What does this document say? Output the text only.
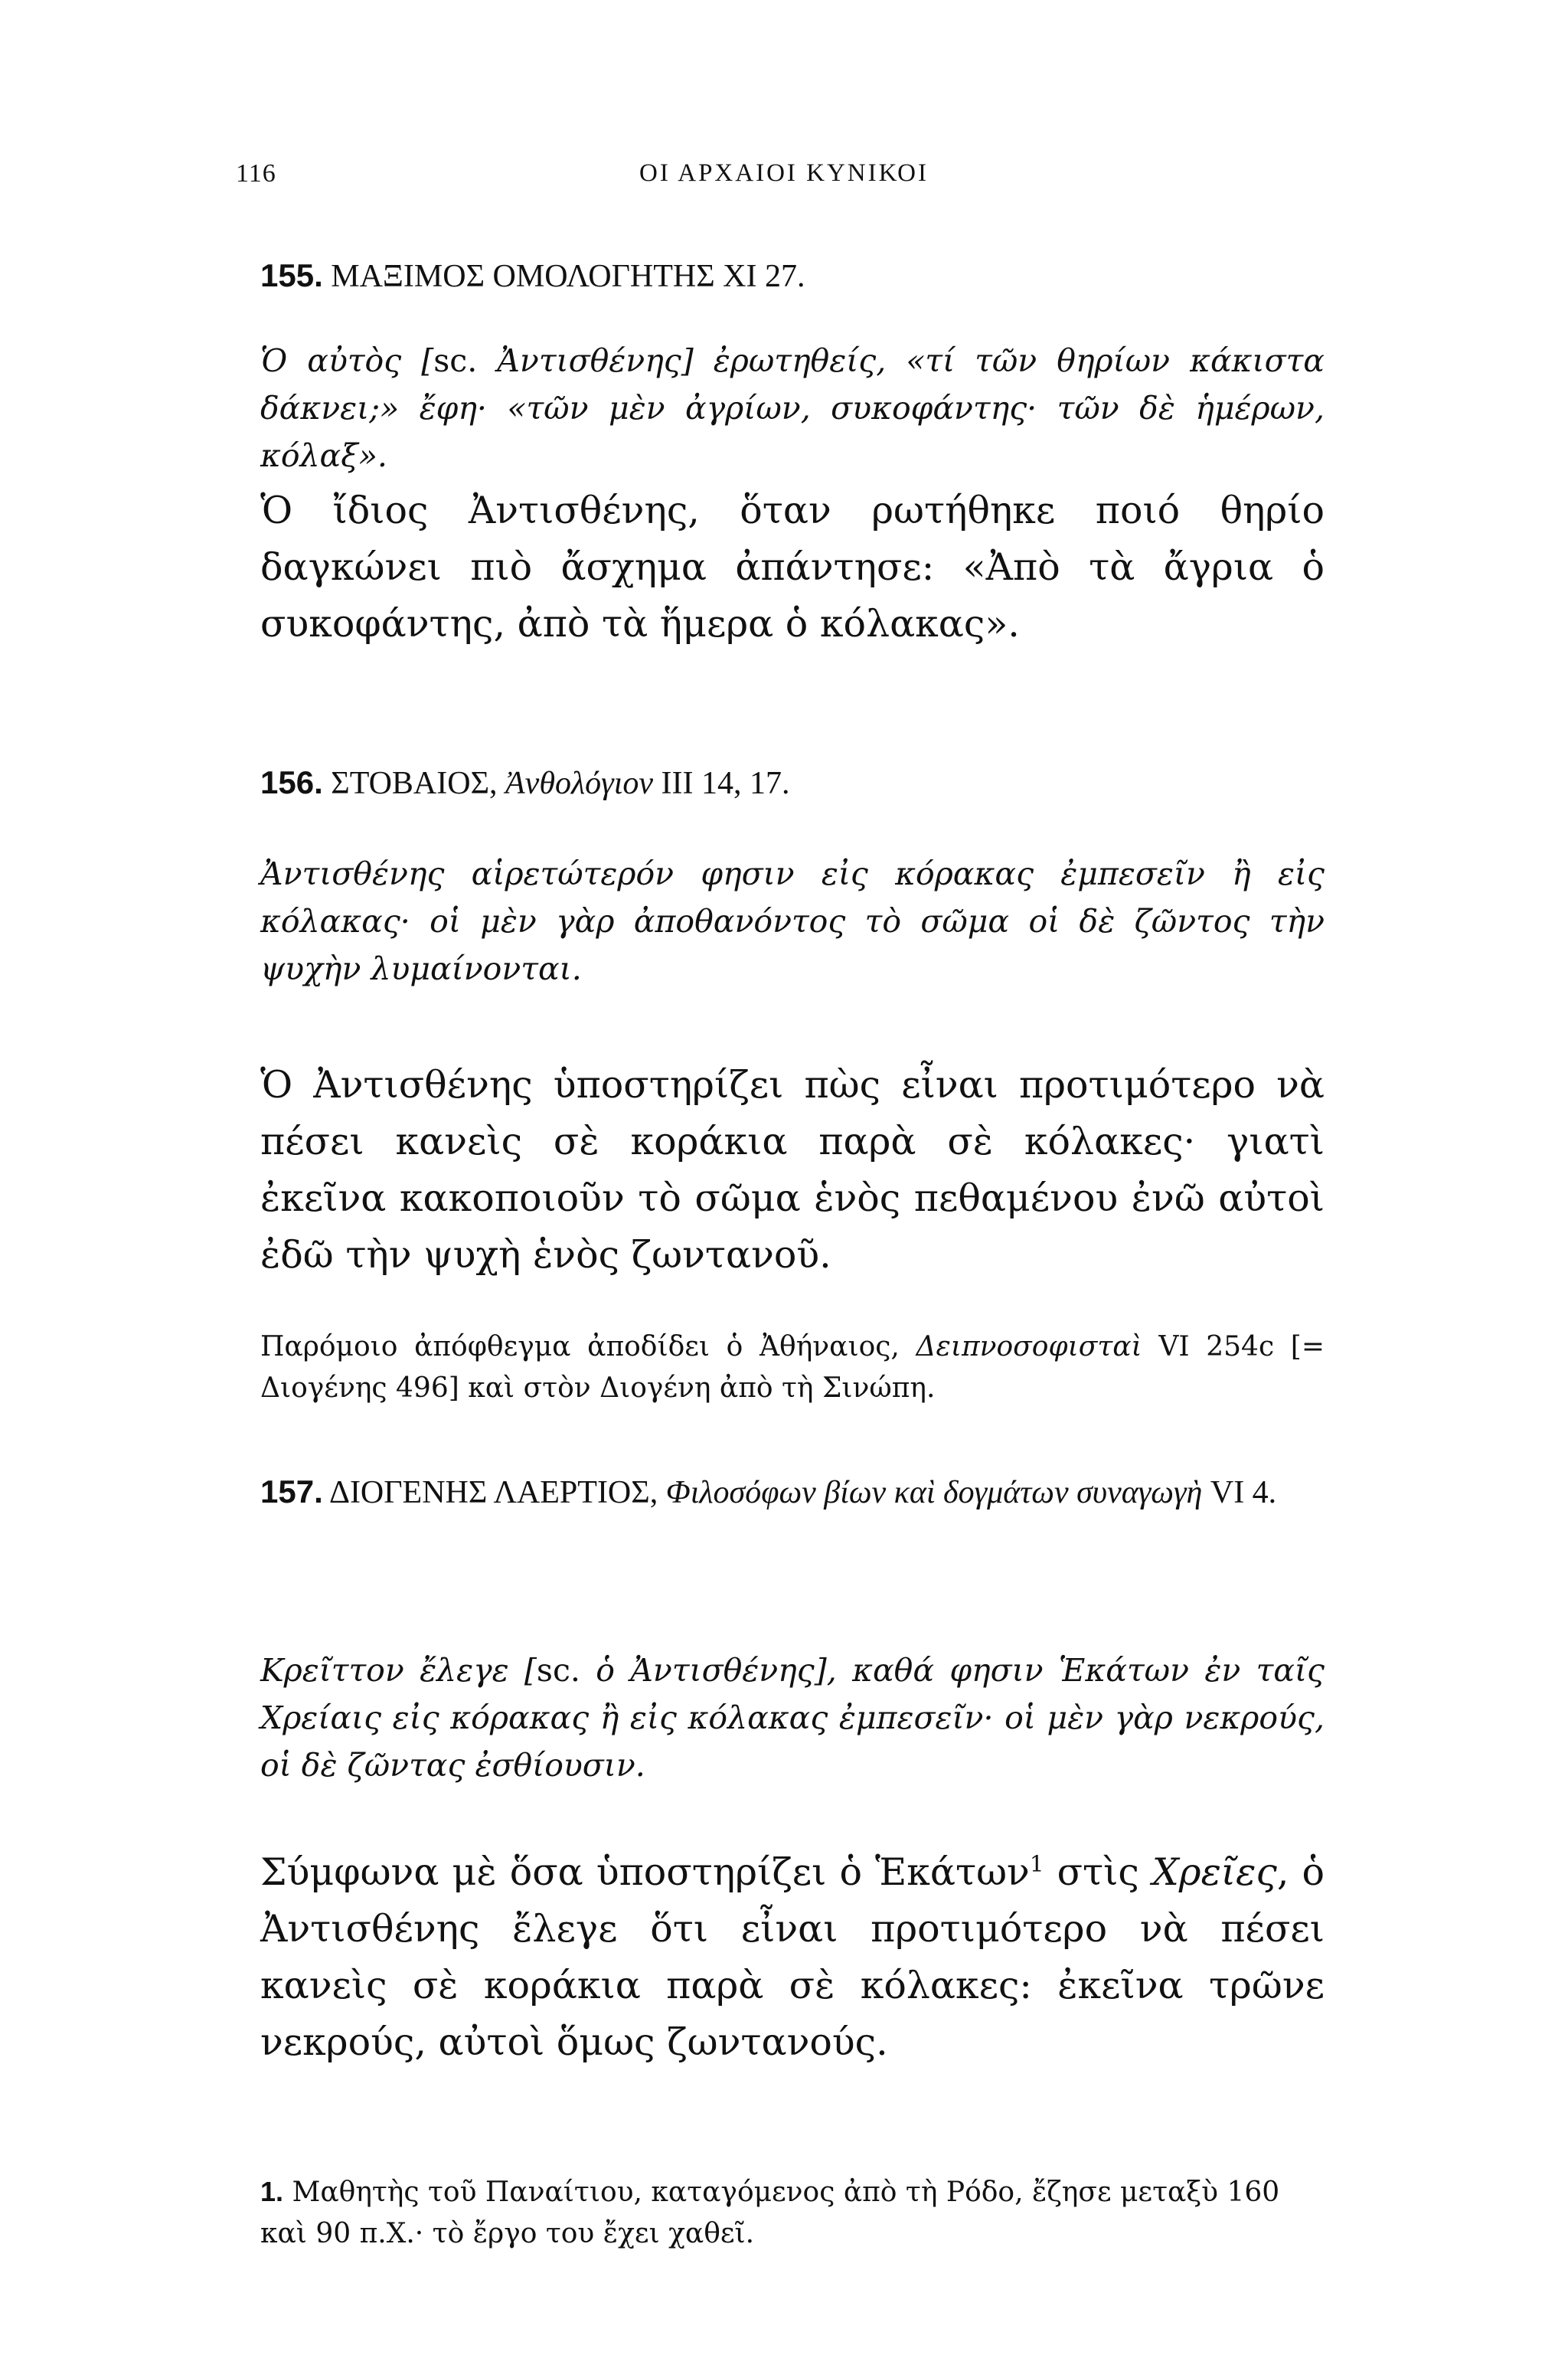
116	ΟΙ ΑΡΧΑΙΟΙ ΚΥΝΙΚΟΙ
155. ΜΑΞΙΜΟΣ ΟΜΟΛΟΓΗΤΗΣ XI 27.
Ὁ αὐτὸς [sc. Ἀντισθένης] ἐρωτηθείς, «τί τῶν θηρίων κάκιστα δάκνει;» ἔφη· «τῶν μὲν ἀγρίων, συκοφάντης· τῶν δὲ ἡμέρων, κόλαξ».
Ὁ ἴδιος Ἀντισθένης, ὅταν ρωτήθηκε ποιό θηρίο δαγκώνει πιὸ ἄσχημα ἀπάντησε: «Ἀπὸ τὰ ἄγρια ὁ συκοφάντης, ἀπὸ τὰ ἥμερα ὁ κόλακας».
156. ΣΤΟΒΑΙΟΣ, Ἀνθολόγιον III 14, 17.
Ἀντισθένης αἱρετώτερόν φησιν εἰς κόρακας ἐμπεσεῖν ἢ εἰς κόλακας· οἱ μὲν γὰρ ἀποθανόντος τὸ σῶμα οἱ δὲ ζῶντος τὴν ψυχὴν λυμαίνονται.
Ὁ Ἀντισθένης ὑποστηρίζει πὼς εἶναι προτιμότερο νὰ πέσει κανεὶς σὲ κοράκια παρὰ σὲ κόλακες· γιατὶ ἐκεῖνα κακοποιοῦν τὸ σῶμα ἑνὸς πεθαμένου ἐνῶ αὐτοὶ ἐδῶ τὴν ψυχὴ ἑνὸς ζωντανοῦ.
Παρόμοιο ἀπόφθεγμα ἀποδίδει ὁ Ἀθήναιος, Δειπνοσοφισταὶ VI 254c [= Διογένης 496] καὶ στὸν Διογένη ἀπὸ τὴ Σινώπη.
157. ΔΙΟΓΕΝΗΣ ΛΑΕΡΤΙΟΣ, Φιλοσόφων βίων καὶ δογμάτων συναγωγὴ VI 4.
Κρεῖττον ἔλεγε [sc. ὁ Ἀντισθένης], καθά φησιν Ἑκάτων ἐν ταῖς Χρείαις εἰς κόρακας ἢ εἰς κόλακας ἐμπεσεῖν· οἱ μὲν γὰρ νεκρούς, οἱ δὲ ζῶντας ἐσθίουσιν.
Σύμφωνα μὲ ὅσα ὑποστηρίζει ὁ Ἑκάτων$^1$ στὶς Χρεῖες, ὁ Ἀντισθένης ἔλεγε ὅτι εἶναι προτιμότερο νὰ πέσει κανεὶς σὲ κοράκια παρὰ σὲ κόλακες: ἐκεῖνα τρῶνε νεκρούς, αὐτοὶ ὅμως ζωντανούς.
1. Μαθητὴς τοῦ Παναίτιου, καταγόμενος ἀπὸ τὴ Ρόδο, ἔζησε μεταξὺ 160 καὶ 90 π.Χ.· τὸ ἔργο του ἔχει χαθεῖ.
